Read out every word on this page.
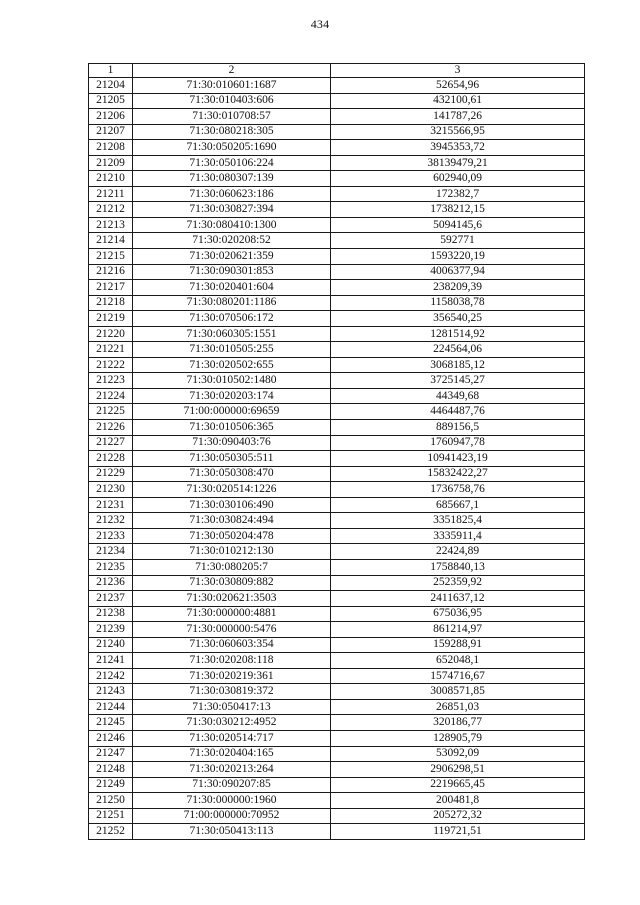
434
1	2	3
21204	71:30:010601:1687	52654,96
21205	71:30:010403:606	432100,61
21206	71:30:010708:57	141787,26
21207	71:30:080218:305	3215566,95
21208	71:30:050205:1690	3945353,72
21209	71:30:050106:224	38139479,21
21210	71:30:080307:139	602940,09
21211	71:30:060623:186	172382,7
21212	71:30:030827:394	1738212,15
21213	71:30:080410:1300	5094145,6
21214	71:30:020208:52	592771
21215	71:30:020621:359	1593220,19
21216	71:30:090301:853	4006377,94
21217	71:30:020401:604	238209,39
21218	71:30:080201:1186	1158038,78
21219	71:30:070506:172	356540,25
21220	71:30:060305:1551	1281514,92
21221	71:30:010505:255	224564,06
21222	71:30:020502:655	3068185,12
21223	71:30:010502:1480	3725145,27
21224	71:30:020203:174	44349,68
21225	71:00:000000:69659	4464487,76
21226	71:30:010506:365	889156,5
21227	71:30:090403:76	1760947,78
21228	71:30:050305:511	10941423,19
21229	71:30:050308:470	15832422,27
21230	71:30:020514:1226	1736758,76
21231	71:30:030106:490	685667,1
21232	71:30:030824:494	3351825,4
21233	71:30:050204:478	3335911,4
21234	71:30:010212:130	22424,89
21235	71:30:080205:7	1758840,13
21236	71:30:030809:882	252359,92
21237	71:30:020621:3503	2411637,12
21238	71:30:000000:4881	675036,95
21239	71:30:000000:5476	861214,97
21240	71:30:060603:354	159288,91
21241	71:30:020208:118	652048,1
21242	71:30:020219:361	1574716,67
21243	71:30:030819:372	3008571,85
21244	71:30:050417:13	26851,03
21245	71:30:030212:4952	320186,77
21246	71:30:020514:717	128905,79
21247	71:30:020404:165	53092,09
21248	71:30:020213:264	2906298,51
21249	71:30:090207:85	2219665,45
21250	71:30:000000:1960	200481,8
21251	71:00:000000:70952	205272,32
21252	71:30:050413:113	119721,51
